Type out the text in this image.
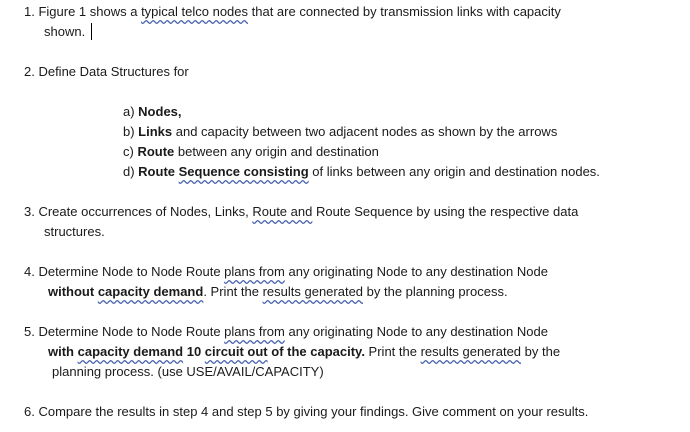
1. Figure 1 shows a typical telco nodes that are connected by transmission links with capacity
shown.
2. Define Data Structures for
a) Nodes,
b) Links and capacity between two adjacent nodes as shown by the arrows
c) Route between any origin and destination
d) Route Sequence consisting of links between any origin and destination nodes.
3. Create occurrences of Nodes, Links, Route and Route Sequence by using the respective data
structures.
4. Determine Node to Node Route plans from any originating Node to any destination Node
without capacity demand. Print the results generated by the planning process.
5. Determine Node to Node Route plans from any originating Node to any destination Node
with capacity demand 10 circuit out of the capacity. Print the results generated by the
planning process. (use USE/AVAIL/CAPACITY)
6. Compare the results in step 4 and step 5 by giving your findings. Give comment on your results.
